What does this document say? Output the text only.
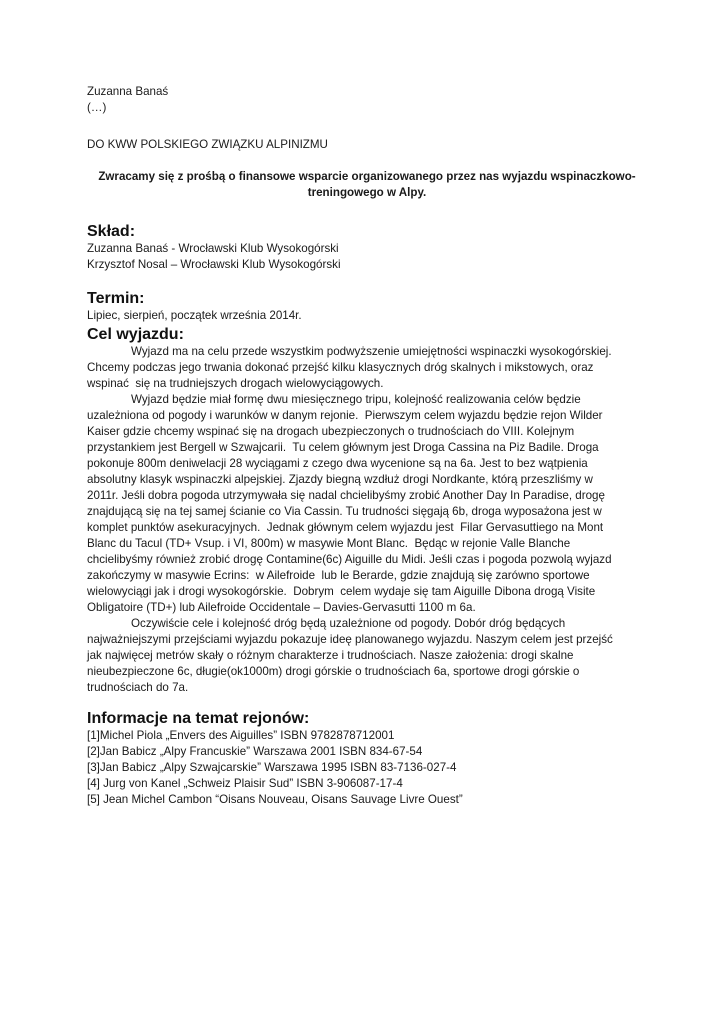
Zuzanna Banaś
(…)
DO KWW POLSKIEGO ZWIĄZKU ALPINIZMU
Zwracamy się z prośbą o finansowe wsparcie organizowanego przez nas wyjazdu wspinaczkowo-
treningowego w Alpy.
Skład:
Zuzanna Banaś - Wrocławski Klub Wysokogórski
Krzysztof Nosal – Wrocławski Klub Wysokogórski
Termin:
Lipiec, sierpień, początek września 2014r.
Cel wyjazdu:
Wyjazd ma na celu przede wszystkim podwyższenie umiejętności wspinaczki wysokogórskiej.
Chcemy podczas jego trwania dokonać przejść kilku klasycznych dróg skalnych i mikstowych, oraz
wspinać  się na trudniejszych drogach wielowyciągowych.
Wyjazd będzie miał formę dwu miesięcznego tripu, kolejność realizowania celów będzie
uzależniona od pogody i warunków w danym rejonie.  Pierwszym celem wyjazdu będzie rejon Wilder
Kaiser gdzie chcemy wspinać się na drogach ubezpieczonych o trudnościach do VIII. Kolejnym
przystankiem jest Bergell w Szwajcarii.  Tu celem głównym jest Droga Cassina na Piz Badile. Droga
pokonuje 800m deniwelacji 28 wyciągami z czego dwa wycenione są na 6a. Jest to bez wątpienia
absolutny klasyk wspinaczki alpejskiej. Zjazdy biegną wzdłuż drogi Nordkante, którą przeszliśmy w
2011r. Jeśli dobra pogoda utrzymywała się nadal chcielibyśmy zrobić Another Day In Paradise, drogę
znajdującą się na tej samej ścianie co Via Cassin. Tu trudności sięgają 6b, droga wyposażona jest w
komplet punktów asekuracyjnych.  Jednak głównym celem wyjazdu jest  Filar Gervasuttiego na Mont
Blanc du Tacul (TD+ Vsup. i VI, 800m) w masywie Mont Blanc.  Będąc w rejonie Valle Blanche
chcielibyśmy również zrobić drogę Contamine(6c) Aiguille du Midi. Jeśli czas i pogoda pozwolą wyjazd
zakończymy w masywie Ecrins:  w Ailefroide  lub le Berarde, gdzie znajdują się zarówno sportowe
wielowyciągi jak i drogi wysokogórskie.  Dobrym  celem wydaje się tam Aiguille Dibona drogą Visite
Obligatoire (TD+) lub Ailefroide Occidentale – Davies-Gervasutti 1100 m 6a.
Oczywiście cele i kolejność dróg będą uzależnione od pogody. Dobór dróg będących
najważniejszymi przejściami wyjazdu pokazuje ideę planowanego wyjazdu. Naszym celem jest przejść
jak najwięcej metrów skały o różnym charakterze i trudnościach. Nasze założenia: drogi skalne
nieubezpieczone 6c, długie(ok1000m) drogi górskie o trudnościach 6a, sportowe drogi górskie o
trudnościach do 7a.
Informacje na temat rejonów:
[1]Michel Piola „Envers des Aiguilles” ISBN 9782878712001
[2]Jan Babicz „Alpy Francuskie” Warszawa 2001 ISBN 834-67-54
[3]Jan Babicz „Alpy Szwajcarskie” Warszawa 1995 ISBN 83-7136-027-4
[4] Jurg von Kanel „Schweiz Plaisir Sud” ISBN 3-906087-17-4
[5] Jean Michel Cambon “Oisans Nouveau, Oisans Sauvage Livre Ouest”
